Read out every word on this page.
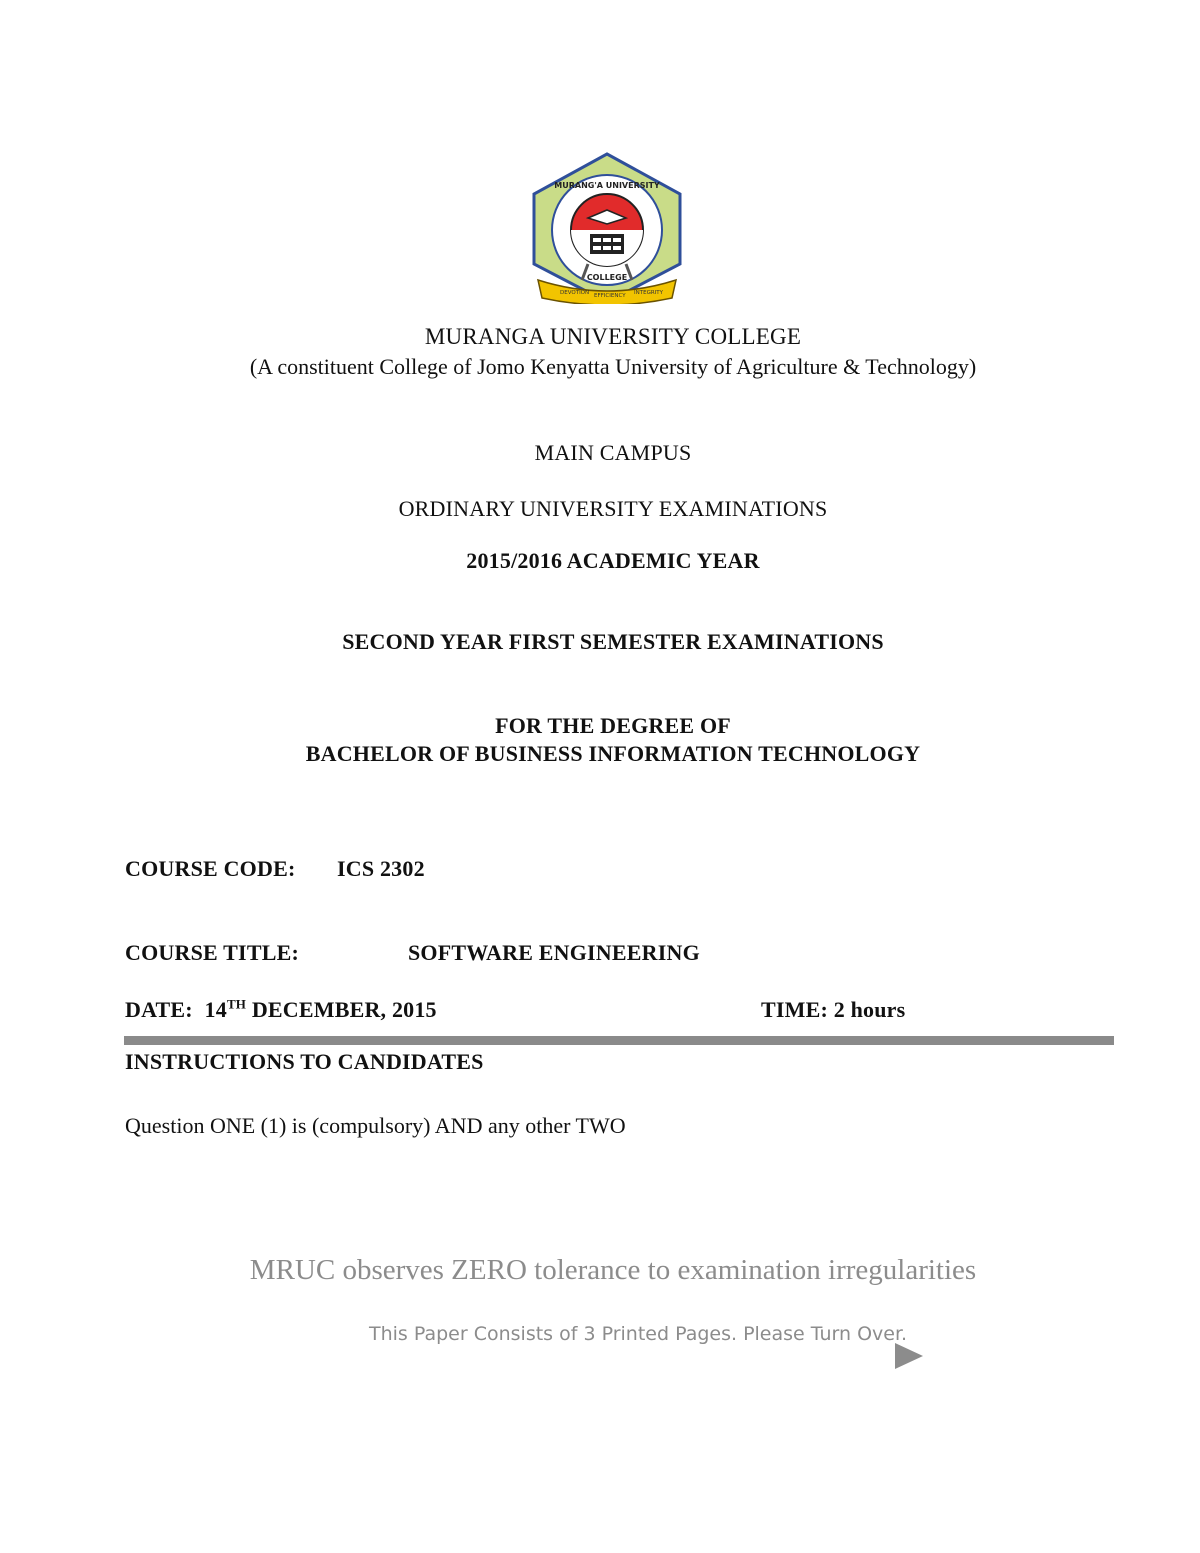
MURANG'A UNIVERSITY
COLLEGE
DEVOTION EFFICIENCY INTEGRITY
MURANGA UNIVERSITY COLLEGE
(A constituent College of Jomo Kenyatta University of Agriculture & Technology)
MAIN CAMPUS
ORDINARY UNIVERSITY EXAMINATIONS
2015/2016 ACADEMIC YEAR
SECOND YEAR FIRST SEMESTER EXAMINATIONS
FOR THE DEGREE OF
BACHELOR OF BUSINESS INFORMATION TECHNOLOGY
COURSE CODE: ICS 2302
COURSE TITLE:	SOFTWARE ENGINEERING
DATE: 14TH DECEMBER, 2015	TIME: 2 hours
INSTRUCTIONS TO CANDIDATES
Question ONE (1) is (compulsory) AND any other TWO
MRUC observes ZERO tolerance to examination irregularities
This Paper Consists of 3 Printed Pages. Please Turn Over.
